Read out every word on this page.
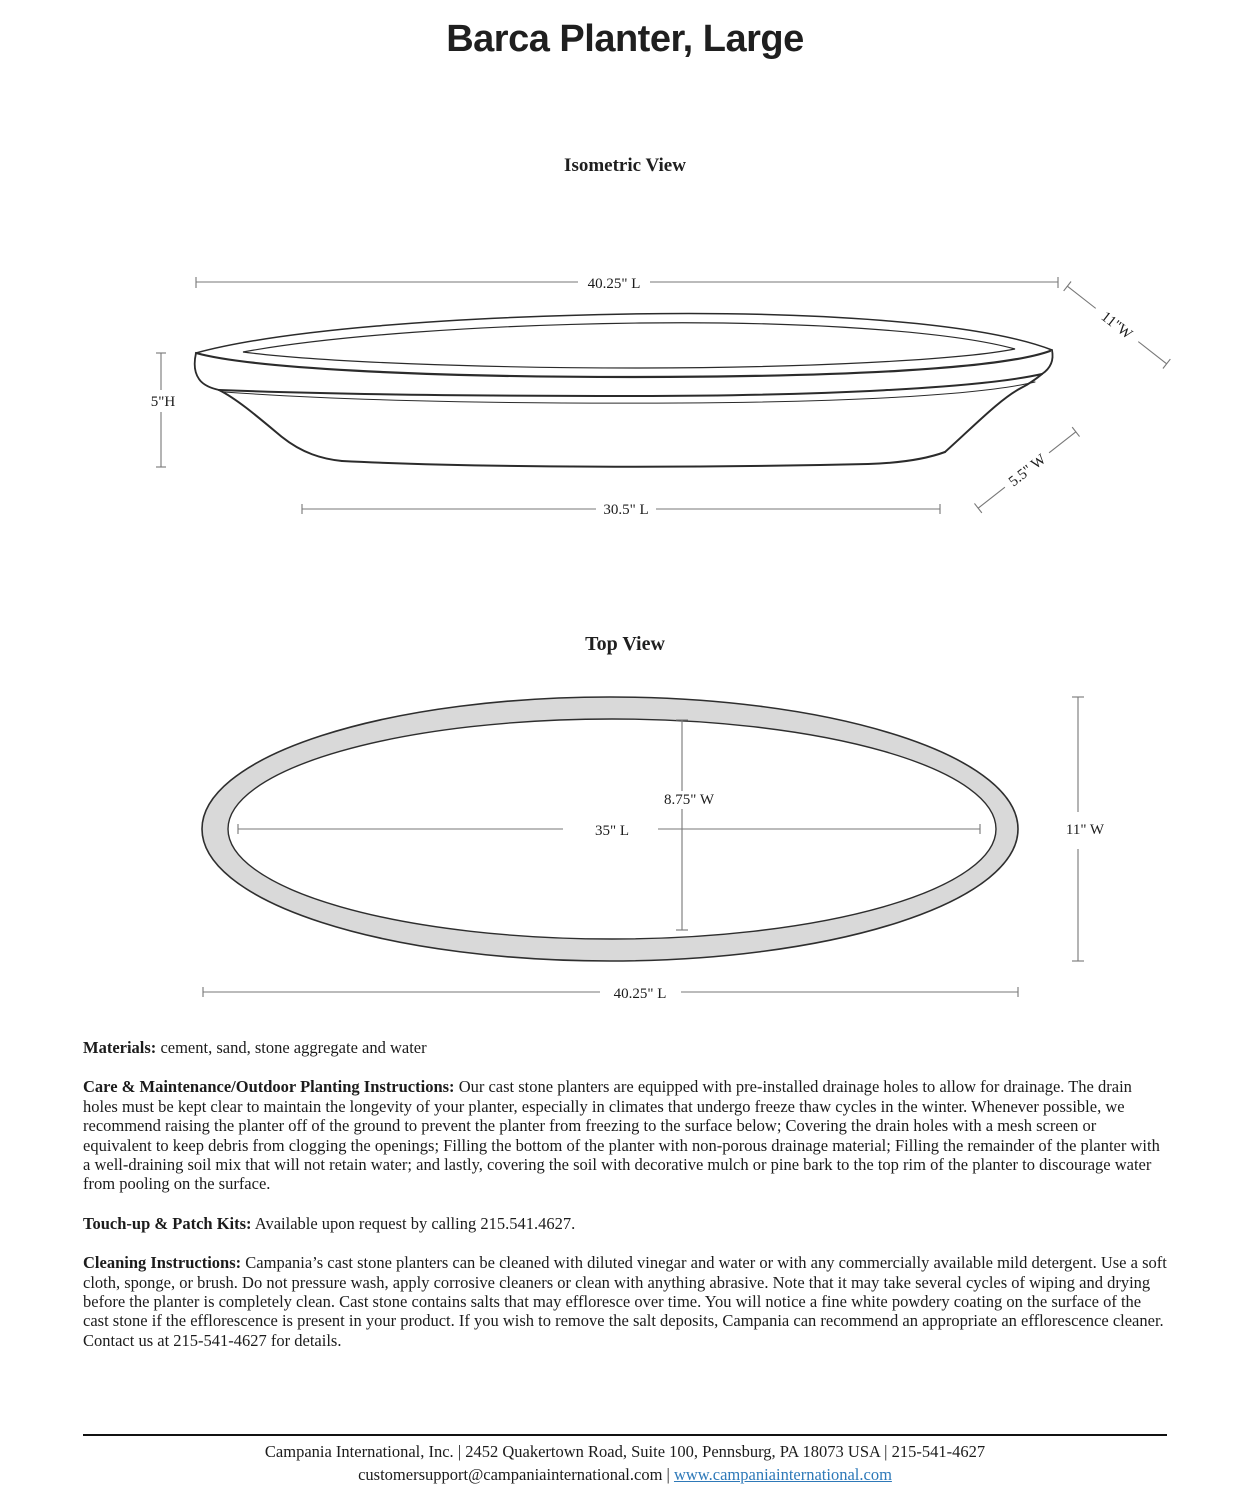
Barca Planter, Large
Isometric View
40.25" L
5"H
30.5" L
11"W
5.5" W
Top View
8.75" W
35" L	11" W
40.25" L

Materials: cement, sand, stone aggregate and water

Care & Maintenance/Outdoor Planting Instructions: Our cast stone planters are equipped with pre-installed drainage holes to allow for drainage. The drain holes must be kept clear to maintain the longevity of your planter, especially in climates that undergo freeze thaw cycles in the winter. Whenever possible, we recommend raising the planter off of the ground to prevent the planter from freezing to the surface below; Covering the drain holes with a mesh screen or equivalent to keep debris from clogging the openings; Filling the bottom of the planter with non-porous drainage material; Filling the remainder of the planter with a well-draining soil mix that will not retain water; and lastly, covering the soil with decorative mulch or pine bark to the top rim of the planter to discourage water from pooling on the surface.

Touch-up & Patch Kits: Available upon request by calling 215.541.4627.

Cleaning Instructions: Campania’s cast stone planters can be cleaned with diluted vinegar and water or with any commercially available mild detergent. Use a soft cloth, sponge, or brush. Do not pressure wash, apply corrosive cleaners or clean with anything abrasive. Note that it may take several cycles of wiping and drying before the planter is completely clean. Cast stone contains salts that may effloresce over time. You will notice a fine white powdery coating on the surface of the cast stone if the efflorescence is present in your product. If you wish to remove the salt deposits, Campania can recommend an appropriate an efflorescence cleaner. Contact us at 215-541-4627 for details.

Campania International, Inc. | 2452 Quakertown Road, Suite 100, Pennsburg, PA 18073 USA | 215-541-4627
customersupport@campaniainternational.com | www.campaniainternational.com
